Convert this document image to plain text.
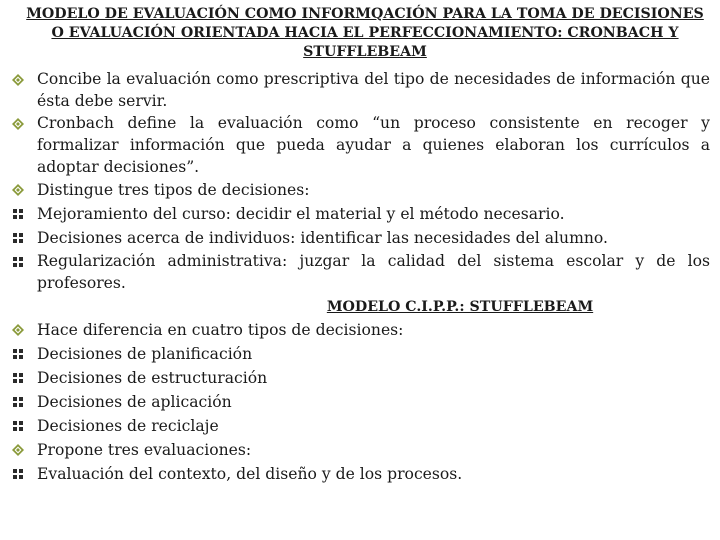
MODELO DE EVALUACIÓN COMO INFORMQACIÓN PARA LA TOMA DE DECISIONES O EVALUACIÓN ORIENTADA HACIA EL PERFECCIONAMIENTO: CRONBACH Y STUFFLEBEAM
Concibe la evaluación como prescriptiva del tipo de necesidades de información que ésta debe servir.
Cronbach define la evaluación como “un proceso consistente en recoger y formalizar información que pueda ayudar a quienes elaboran los currículos a adoptar decisiones”.
Distingue tres tipos de decisiones:
Mejoramiento del curso: decidir el material y el método necesario.
Decisiones acerca de individuos: identificar las necesidades del alumno.
Regularización administrativa: juzgar la calidad del sistema escolar y de los profesores.
MODELO C.I.P.P.: STUFFLEBEAM
Hace diferencia en cuatro tipos de decisiones:
Decisiones de planificación
Decisiones de estructuración
Decisiones de aplicación
Decisiones de reciclaje
Propone tres evaluaciones:
Evaluación del contexto, del diseño y de los procesos.
